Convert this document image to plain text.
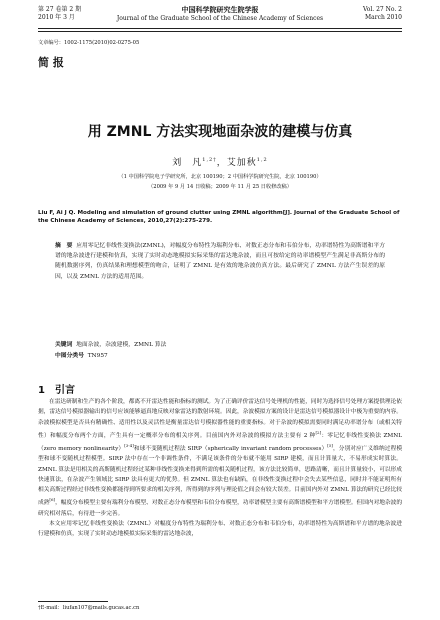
第 27 卷第 2 期
2010 年 3 月
中国科学院研究生院学报
Journal of the Graduate School of the Chinese Academy of Sciences
Vol. 27 No. 2
March 2010
文章编号：1002-1175(2010)02-0275-05
简 报
用 ZMNL 方法实现地面杂波的建模与仿真
刘　凡$^{1,2\dagger}$，艾加秋$^{1,2}$
（1 中国科学院电子学研究所，北京 100190；2 中国科学院研究生院，北京 100190）
（2009 年 9 月 14 日收稿；2009 年 11 月 25 日收修改稿）
Liu F, Ai J Q. Modeling and simulation of ground clutter using ZMNL algorithm[J]. Journal of the Graduate School of the Chinese Academy of Sciences, 2010,27(2):275-279.
摘　要 应用零记忆非线性变换法(ZMNL)，对幅度分布特性为瑞利分布、对数正态分布和韦伯分布，功率谱特性为高斯谱和平方谱的地杂波进行建模和仿真，实现了实时动态地模拟实际采集的雷达地杂波，而且可按给定的功率谱模型产生满足非高斯分布的随机数据序列，仿真结果和理想模型的吻合，证明了 ZMNL 是有效的地杂波仿真方法。最后研究了 ZMNL 方法产生误差的原因，以及 ZMNL 方法的适用范围。
关键词 地面杂波，杂波建模，ZMNL 算法
中图分类号 TN957
1 引言

在雷达研制和生产的各个阶段，都离不开雷达性能和指标的测试。为了正确评价雷达信号处理机的性能，同时为选择信号处理方案提供理论依据，雷达信号模拟器输出的信号应该能够逼真地反映对象雷达的散射环境。因此，杂波模拟方案的设计是雷达信号模拟器设计中极为重要的内容。杂波模拟模型是否具有精确性、适用性以及灵活性是衡量雷达信号模拟器性能的重要指标。对于杂波的模拟需要同时满足功率谱分布（或相关特性）和幅度分布两个方面，产生具有一定概率分布的相关序列。目前国内外对杂波的模拟方法主要有 2 种[2]：零记忆非线性变换法 ZMNL（zero memory nonlinearity）[3-4]和球不变随机过程法 SIRP（spherically invariant random processes）[5]，分别对应广义维纳过程模型和球不变随机过程模型。SIRP 法中存在一个非调性条件，不满足该条件的分布就不能用 SIRP 建模，而且计算量大，不易形成实时算法。ZMNL 算法是用相关的高斯随机过程经过某种非线性变换来得到所需的相关随机过程，该方法比较简单，思路清晰，而且计算量较小，可以形成快速算法，在杂波产生领域比 SIRP 法具有更大的优势。但 ZMNL 算法也有缺陷，在非线性变换过程中会失去某些信息，同时并不能证明所有相关高斯过程经过非线性变换都能得到所要求的相关序列，所得到的序列与理论值之间会有较大误差。目前国内外对 ZMNL 算法的研究已经比较成熟[6]，幅度分布模型主要有瑞利分布模型、对数正态分布模型和韦伯分布模型，功率谱模型主要有高斯谱模型和平方谱模型。但国内对地杂波的研究相对落后，有待进一步完善。

本文应用零记忆非线性变换法（ZMNL）对幅度分布特性为瑞利分布、对数正态分布和韦伯分布，功率谱特性为高斯谱和平方谱的地杂波进行建模和仿真，实现了实时动态地模拟实际采集的雷达地杂波，

†E-mail：liufan107@mails.gucas.ac.cn
